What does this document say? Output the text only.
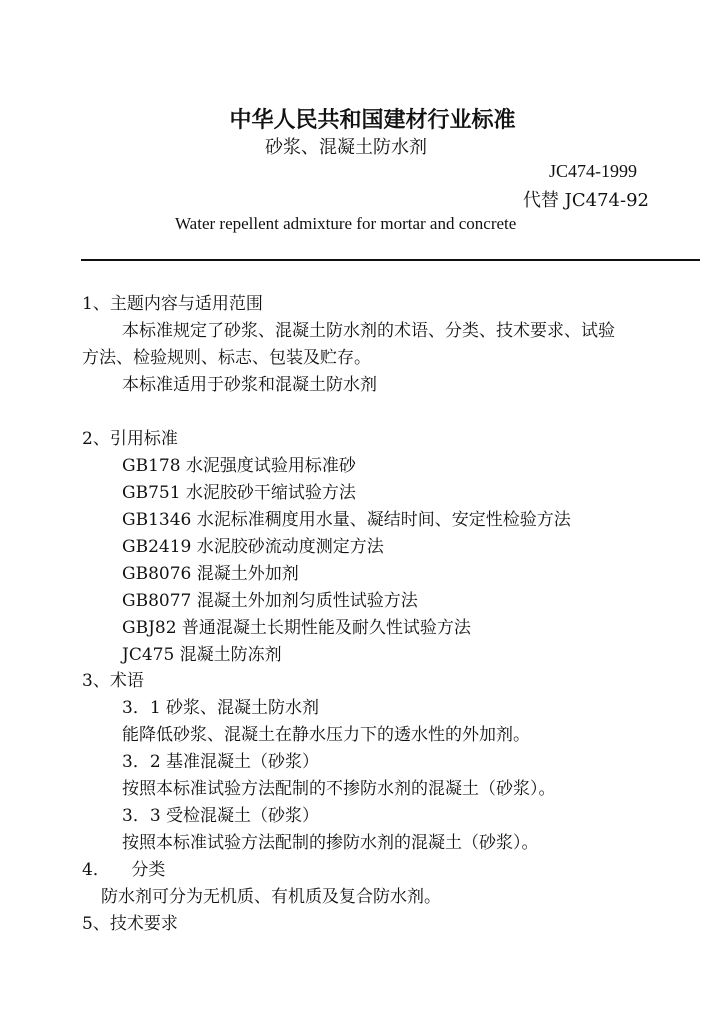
中华人民共和国建材行业标准
砂浆、混凝土防水剂
JC474-1999
代替 JC474-92
Water repellent admixture for mortar and concrete
1、主题内容与适用范围
本标准规定了砂浆、混凝土防水剂的术语、分类、技术要求、试验
方法、检验规则、标志、包装及贮存。
本标准适用于砂浆和混凝土防水剂
2、引用标准
GB178 水泥强度试验用标准砂
GB751 水泥胶砂干缩试验方法
GB1346 水泥标准稠度用水量、凝结时间、安定性检验方法
GB2419 水泥胶砂流动度测定方法
GB8076 混凝土外加剂
GB8077 混凝土外加剂匀质性试验方法
GBJ82 普通混凝土长期性能及耐久性试验方法
JC475 混凝土防冻剂
3、术语
3．1 砂浆、混凝土防水剂
能降低砂浆、混凝土在静水压力下的透水性的外加剂。
3．2 基准混凝土（砂浆）
按照本标准试验方法配制的不掺防水剂的混凝土（砂浆）。
3．3 受检混凝土（砂浆）
按照本标准试验方法配制的掺防水剂的混凝土（砂浆）。
4．    分类
防水剂可分为无机质、有机质及复合防水剂。
5、技术要求
